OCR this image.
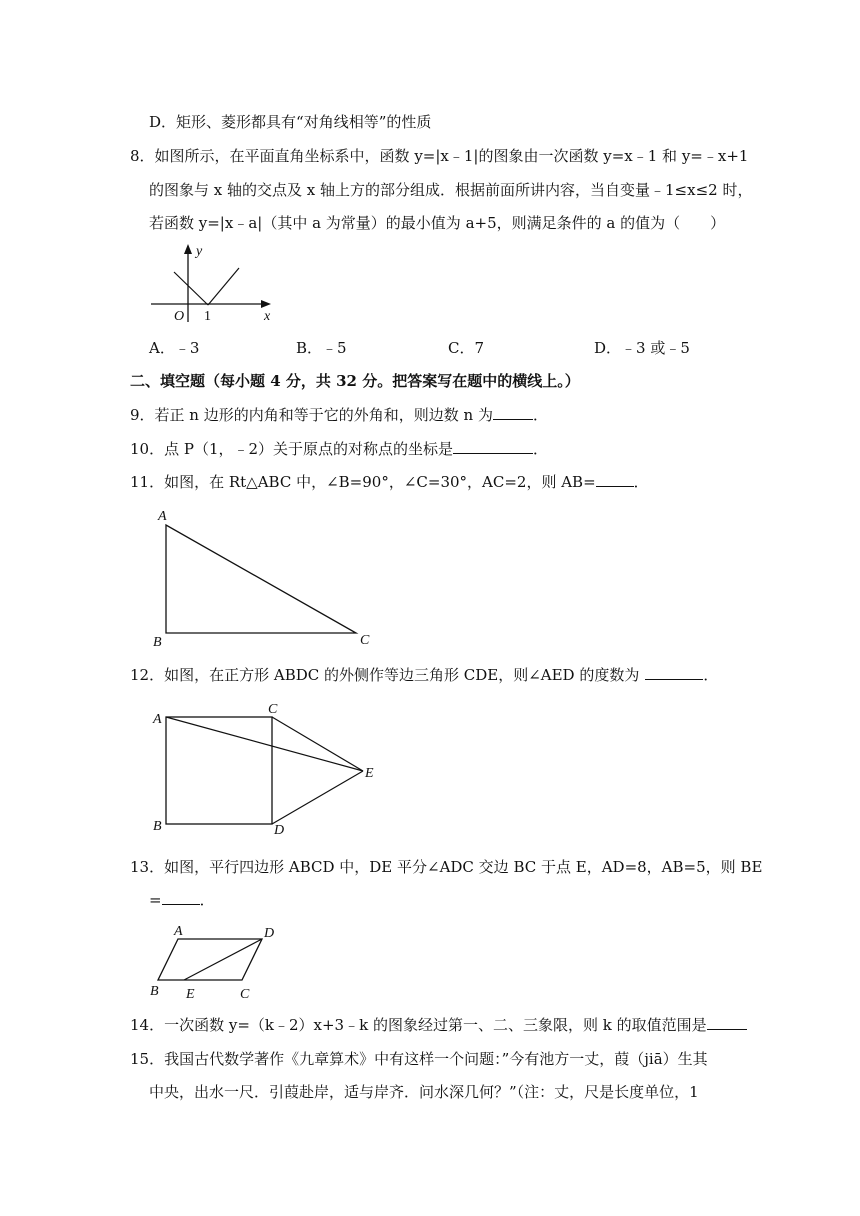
D．矩形、菱形都具有“对角线相等”的性质
8．如图所示，在平面直角坐标系中，函数 y=|x﹣1|的图象由一次函数 y=x﹣1 和 y=﹣x+1
的图象与 x 轴的交点及 x 轴上方的部分组成．根据前面所讲内容，当自变量﹣1≤x≤2 时，
若函数 y=|x﹣a|（其中 a 为常量）的最小值为 a+5，则满足条件的 a 的值为（　　）
y
x
O 1
A．﹣3	B．﹣5	C．7	D．﹣3 或﹣5
二、填空题（每小题 4 分，共 32 分。把答案写在题中的横线上。）
9．若正 n 边形的内角和等于它的外角和，则边数 n 为	．
10．点 P（1，﹣2）关于原点的对称点的坐标是	．
11．如图，在 Rt△ABC 中，∠B=90°，∠C=30°，AC=2，则 AB=	．
A
B	C
12．如图，在正方形 ABDC 的外侧作等边三角形 CDE，则∠AED 的度数为	．
A
B
C
D
E
13．如图，平行四边形 ABCD 中，DE 平分∠ADC 交边 BC 于点 E，AD=8，AB=5，则 BE
=	．
A
B	C
D
E
14．一次函数 y=（k﹣2）x+3﹣k 的图象经过第一、二、三象限，则 k 的取值范围是
15．我国古代数学著作《九章算术》中有这样一个问题：”今有池方一丈，葭（jiā）生其
中央，出水一尺．引葭赴岸，适与岸齐．问水深几何？”（注：丈，尺是长度单位，1
